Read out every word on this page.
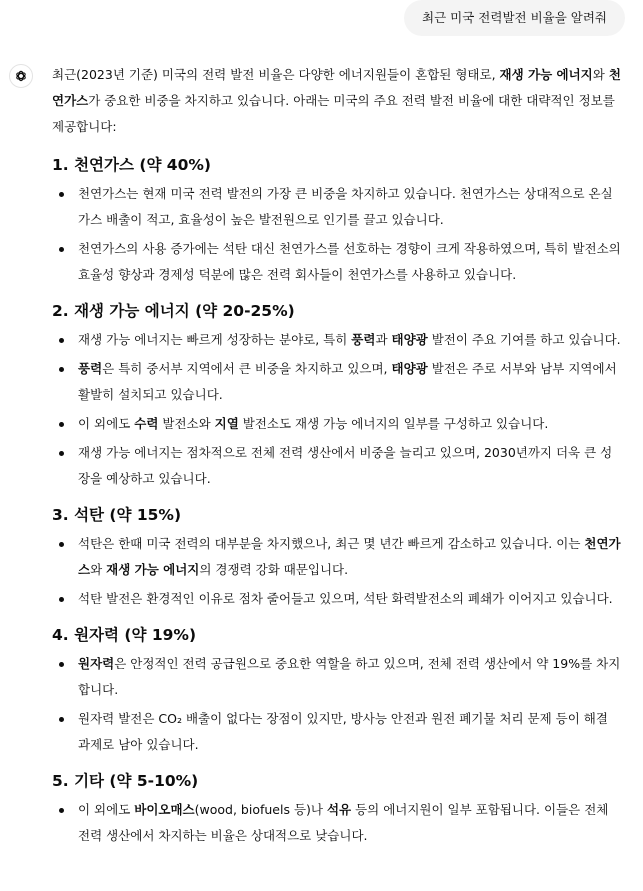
최근 미국 전력발전 비율을 알려줘

최근(2023년 기준) 미국의 전력 발전 비율은 다양한 에너지원들이 혼합된 형태로, 재생 가능 에너지와 천연가스가 중요한 비중을 차지하고 있습니다. 아래는 미국의 주요 전력 발전 비율에 대한 대략적인 정보를 제공합니다:

1. 천연가스 (약 40%)
천연가스는 현재 미국 전력 발전의 가장 큰 비중을 차지하고 있습니다. 천연가스는 상대적으로 온실가스 배출이 적고, 효율성이 높은 발전원으로 인기를 끌고 있습니다.
천연가스의 사용 증가에는 석탄 대신 천연가스를 선호하는 경향이 크게 작용하였으며, 특히 발전소의 효율성 향상과 경제성 덕분에 많은 전력 회사들이 천연가스를 사용하고 있습니다.
2. 재생 가능 에너지 (약 20-25%)
재생 가능 에너지는 빠르게 성장하는 분야로, 특히 풍력과 태양광 발전이 주요 기여를 하고 있습니다.
풍력은 특히 중서부 지역에서 큰 비중을 차지하고 있으며, 태양광 발전은 주로 서부와 남부 지역에서 활발히 설치되고 있습니다.
이 외에도 수력 발전소와 지열 발전소도 재생 가능 에너지의 일부를 구성하고 있습니다.
재생 가능 에너지는 점차적으로 전체 전력 생산에서 비중을 늘리고 있으며, 2030년까지 더욱 큰 성장을 예상하고 있습니다.
3. 석탄 (약 15%)
석탄은 한때 미국 전력의 대부분을 차지했으나, 최근 몇 년간 빠르게 감소하고 있습니다. 이는 천연가스와 재생 가능 에너지의 경쟁력 강화 때문입니다.
석탄 발전은 환경적인 이유로 점차 줄어들고 있으며, 석탄 화력발전소의 폐쇄가 이어지고 있습니다.
4. 원자력 (약 19%)
원자력은 안정적인 전력 공급원으로 중요한 역할을 하고 있으며, 전체 전력 생산에서 약 19%를 차지합니다.
원자력 발전은 CO₂ 배출이 없다는 장점이 있지만, 방사능 안전과 원전 폐기물 처리 문제 등이 해결 과제로 남아 있습니다.
5. 기타 (약 5-10%)
이 외에도 바이오매스(wood, biofuels 등)나 석유 등의 에너지원이 일부 포함됩니다. 이들은 전체 전력 생산에서 차지하는 비율은 상대적으로 낮습니다.
